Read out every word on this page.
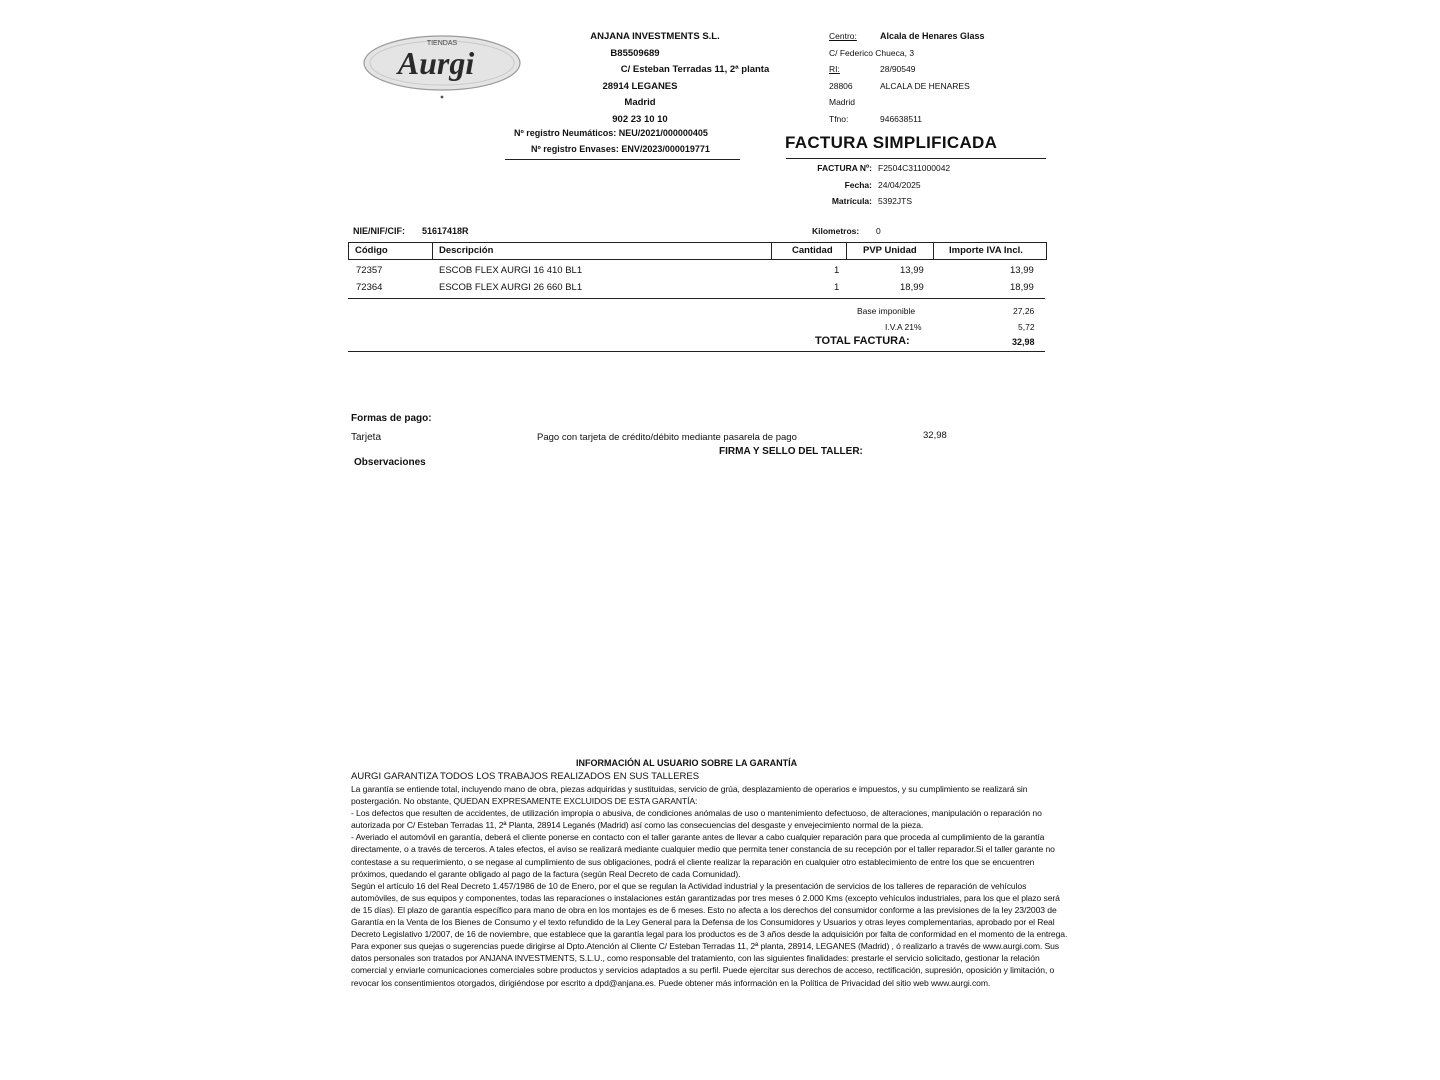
TIENDAS
Aurgi
ANJANA INVESTMENTS S.L.
B85509689
C/ Esteban Terradas 11, 2ª planta
28914 LEGANES
Madrid
902 23 10 10
Nº registro Neumáticos: NEU/2021/000000405
Nº registro Envases: ENV/2023/000019771
Centro:	Alcala de Henares Glass
C/ Federico Chueca, 3
RI:	28/90549
28806	ALCALA DE HENARES
Madrid
Tfno:	946638511
FACTURA SIMPLIFICADA
FACTURA Nº: F2504C311000042
Fecha: 24/04/2025
Matrícula: 5392JTS
NIE/NIF/CIF: 51617418R	Kilometros: 0
Código	Descripción	Cantidad	PVP Unidad	Importe IVA Incl.
72357	ESCOB FLEX AURGI 16 410 BL1	1	13,99	13,99
72364	ESCOB FLEX AURGI 26 660 BL1	1	18,99	18,99
Base imponible	27,26
I.V.A 21%	5,72
TOTAL FACTURA:	32,98
Formas de pago:
Tarjeta	Pago con tarjeta de crédito/débito mediante pasarela de pago	32,98
FIRMA Y SELLO DEL TALLER:
Observaciones
INFORMACIÓN AL USUARIO SOBRE LA GARANTÍA
AURGI GARANTIZA TODOS LOS TRABAJOS REALIZADOS EN SUS TALLERES

La garantía se entiende total, incluyendo mano de obra, piezas adquiridas y sustituidas, servicio de grúa, desplazamiento de operarios e impuestos, y su cumplimiento se realizará sin postergación. No obstante, QUEDAN EXPRESAMENTE EXCLUIDOS DE ESTA GARANTÍA:

- Los defectos que resulten de accidentes, de utilización impropia o abusiva, de condiciones anómalas de uso o mantenimiento defectuoso, de alteraciones, manipulación o reparación no autorizada por C/ Esteban Terradas 11, 2ª Planta, 28914 Leganés (Madrid) así como las consecuencias del desgaste y envejecimiento normal de la pieza.

- Averiado el automóvil en garantía, deberá el cliente ponerse en contacto con el taller garante antes de llevar a cabo cualquier reparación para que proceda al cumplimiento de la garantía directamente, o a través de terceros. A tales efectos, el aviso se realizará mediante cualquier medio que permita tener constancia de su recepción por el taller reparador.Si el taller garante no contestase a su requerimiento, o se negase al cumplimiento de sus obligaciones, podrá el cliente realizar la reparación en cualquier otro establecimiento de entre los que se encuentren próximos, quedando el garante obligado al pago de la factura (según Real Decreto de cada Comunidad).

Según el artículo 16 del Real Decreto 1.457/1986 de 10 de Enero, por el que se regulan la Actividad industrial y la presentación de servicios de los talleres de reparación de vehículos automóviles, de sus equipos y componentes, todas las reparaciones o instalaciones están garantizadas por tres meses ó 2.000 Kms (excepto vehículos industriales, para los que el plazo será de 15 días). El plazo de garantía específico para mano de obra en los montajes es de 6 meses. Esto no afecta a los derechos del consumidor conforme a las previsiones de la ley 23/2003 de Garantía en la Venta de los Bienes de Consumo y el texto refundido de la Ley General para la Defensa de los Consumidores y Usuarios y otras leyes complementarias, aprobado por el Real Decreto Legislativo 1/2007, de 16 de noviembre, que establece que la garantía legal para los productos es de 3 años desde la adquisición por falta de conformidad en el momento de la entrega.

Para exponer sus quejas o sugerencias puede dirigirse al Dpto.Atención al Cliente C/ Esteban Terradas 11, 2ª planta, 28914, LEGANES (Madrid) , ó realizarlo a través de www.aurgi.com. Sus datos personales son tratados por ANJANA INVESTMENTS, S.L.U., como responsable del tratamiento, con las siguientes finalidades: prestarle el servicio solicitado, gestionar la relación comercial y enviarle comunicaciones comerciales sobre productos y servicios adaptados a su perfil. Puede ejercitar sus derechos de acceso, rectificación, supresión, oposición y limitación, o revocar los consentimientos otorgados, dirigiéndose por escrito a dpd@anjana.es. Puede obtener más información en la Política de Privacidad del sitio web www.aurgi.com.
